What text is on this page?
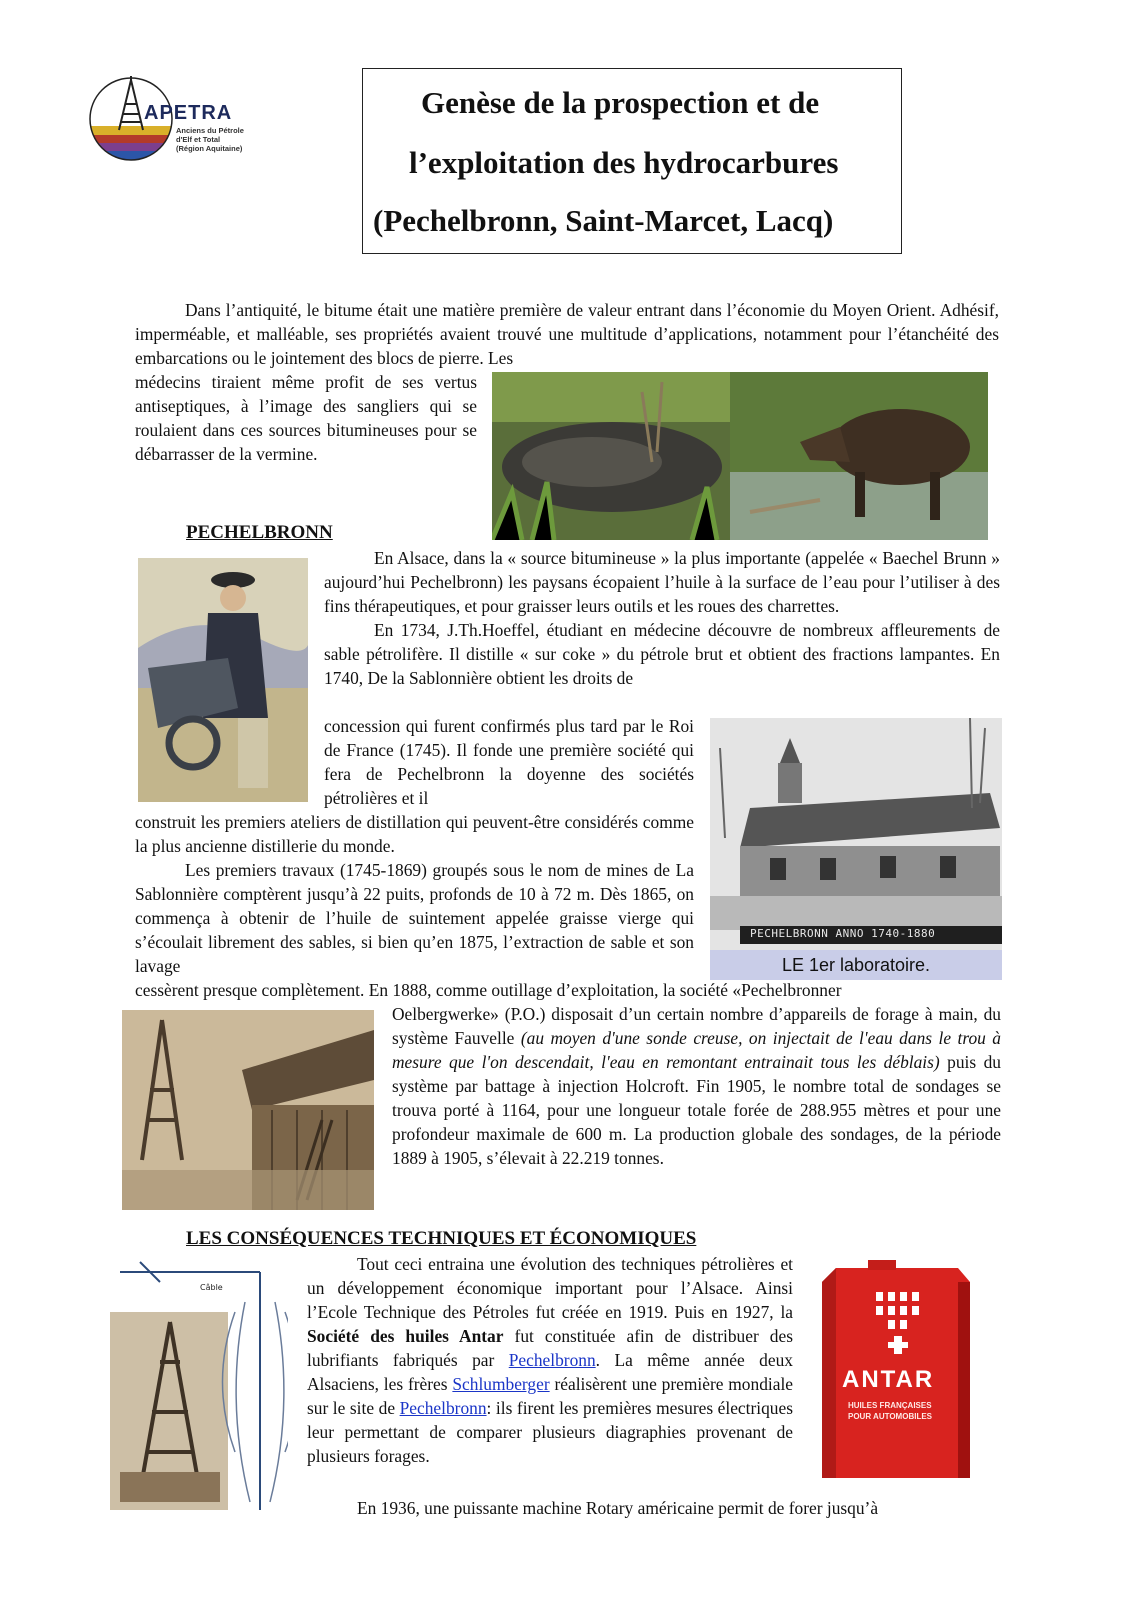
APETRA
Anciens du Pétrole
d'Elf et Total
(Région Aquitaine)
Genèse de la prospection et de
l’exploitation des hydrocarbures
(Pechelbronn, Saint-Marcet, Lacq)

Dans l’antiquité, le bitume était une matière première de valeur entrant dans l’économie du Moyen Orient. Adhésif, imperméable, et malléable, ses propriétés avaient trouvé une multitude d’applications, notamment pour l’étanchéité des embarcations ou le jointement des blocs de pierre. Les

médecins tiraient même profit de ses vertus antiseptiques, à l’image des sangliers qui se roulaient dans ces sources bitumineuses pour se débarrasser de la vermine.

PECHELBRONN

En Alsace, dans la « source bitumineuse » la plus importante (appelée « Baechel Brunn » aujourd’hui Pechelbronn) les paysans écopaient l’huile à la surface de l’eau pour l’utiliser à des fins thérapeutiques, et pour graisser leurs outils et les roues des charrettes.

En 1734, J.Th.Hoeffel, étudiant en médecine découvre de nombreux affleurements de sable pétrolifère. Il distille « sur coke » du pétrole brut et obtient des fractions lampantes. En 1740, De la Sablonnière obtient les droits de

concession qui furent confirmés plus tard par le Roi de France (1745). Il fonde une première société qui fera de Pechelbronn la doyenne des sociétés pétrolières et il

construit les premiers ateliers de distillation qui peuvent-être considérés comme la plus ancienne distillerie du monde.

Les premiers travaux (1745-1869) groupés sous le nom de mines de La Sablonnière comptèrent jusqu’à 22 puits, profonds de 10 à 72 m. Dès 1865, on commença à obtenir de l’huile de suintement appelée graisse vierge qui s’écoulait librement des sables, si bien qu’en 1875, l’extraction de sable et son lavage

PECHELBRONN ANNO 1740-1880
LE 1er laboratoire.

cessèrent presque complètement. En 1888, comme outillage d’exploitation, la société «Pechelbronner

Oelbergwerke» (P.O.) disposait d’un certain nombre d’appareils de forage à main, du système Fauvelle (au moyen d'une sonde creuse, on injectait de l'eau dans le trou à mesure que l'on descendait, l'eau en remontant entrainait tous les déblais) puis du système par battage à injection Holcroft. Fin 1905, le nombre total de sondages se trouva porté à 1164, pour une longueur totale forée de 288.955 mètres et pour une profondeur maximale de 600 m. La production globale des sondages, de la période 1889 à 1905, s’élevait à 22.219 tonnes.

LES CONSÉQUENCES TECHNIQUES ET ÉCONOMIQUES
Câble

Tout ceci entraina une évolution des techniques pétrolières et un développement économique important pour l’Alsace. Ainsi l’Ecole Technique des Pétroles fut créée en 1919. Puis en 1927, la Société des huiles Antar fut constituée afin de distribuer des lubrifiants fabriqués par Pechelbronn. La même année deux Alsaciens, les frères Schlumberger réalisèrent une première mondiale sur le site de Pechelbronn: ils firent les premières mesures électriques leur permettant de comparer plusieurs diagraphies provenant de plusieurs forages.

ANTAR
HUILES FRANÇAISES
POUR AUTOMOBILES

En 1936, une puissante machine Rotary américaine permit de forer jusqu’à
